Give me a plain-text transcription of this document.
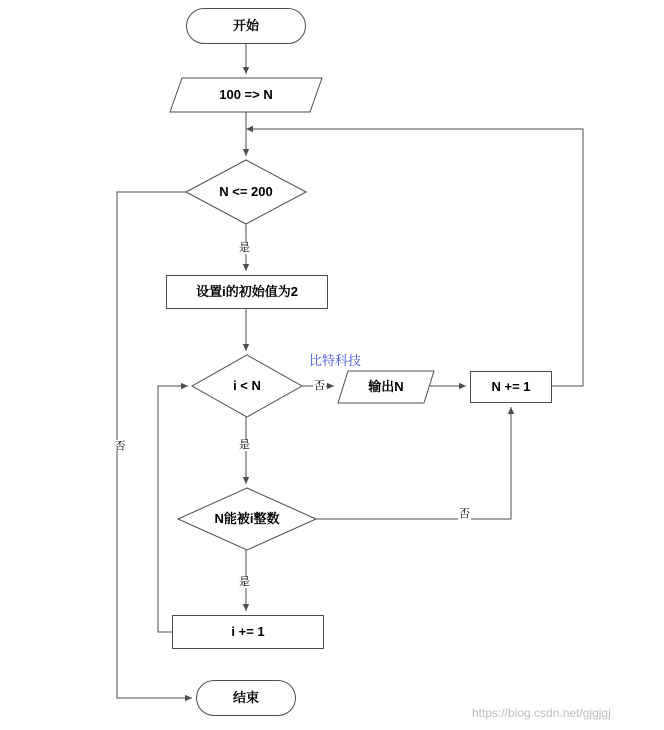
开始
100 => N
N <= 200
设置i的初始值为2
i < N	输出N	N += 1
N能被i整数
i += 1
结束
是
否
否
是
否
是
比特科技
https://blog.csdn.net/gjgjgj
